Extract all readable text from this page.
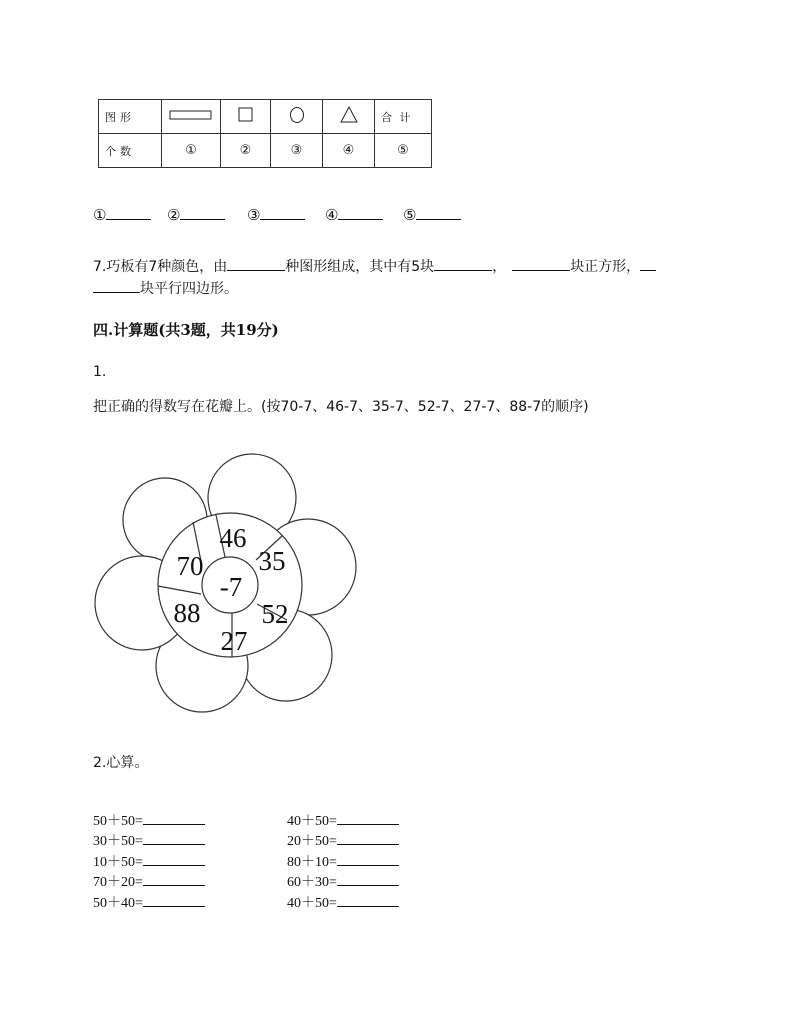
图形					合 计
个数	①	②	③	④	⑤
①	②	③	④	⑤
7.巧板有7种颜色，由	种图形组成，其中有5块	，	块正方形，
块平行四边形。
四.计算题(共3题，共19分)
1.
把正确的得数写在花瓣上。(按70-7、46-7、35-7、52-7、27-7、88-7的顺序)
-7
46
35
52
27
88
70
2.心算。
50＋50=
30＋50=
10＋50=
70＋20=
50＋40=
40＋50=
20＋50=
80＋10=
60＋30=
40＋50=
